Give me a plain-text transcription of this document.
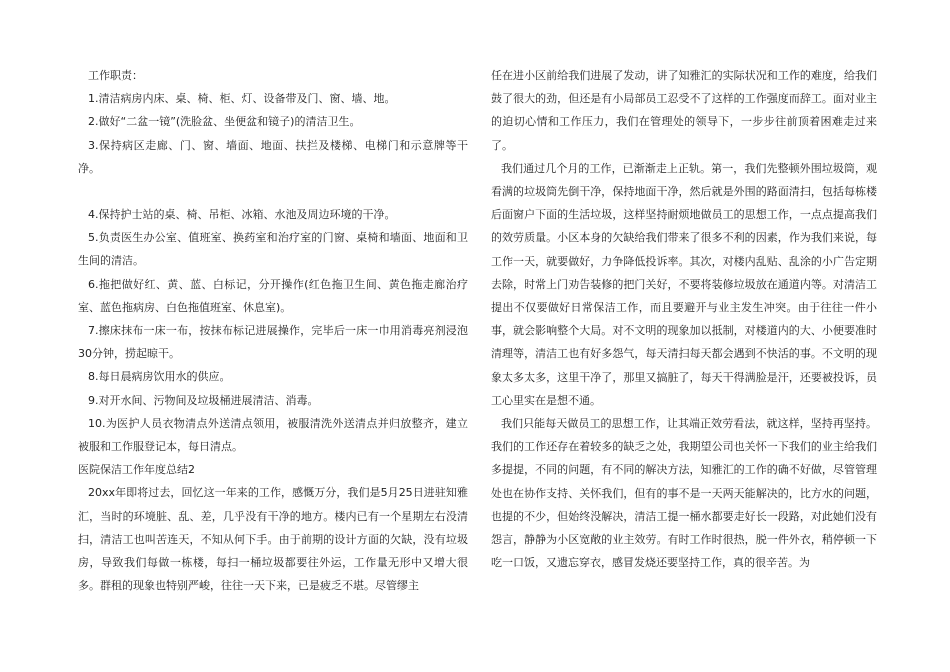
工作职责：

1.清洁病房内床、桌、椅、柜、灯、设备带及门、窗、墙、地。

2.做好“二盆一镜”(洗脸盆、坐便盆和镜子)的清洁卫生。

3.保持病区走廊、门、窗、墙面、地面、扶拦及楼梯、电梯门和示意牌等干净。

4.保持护士站的桌、椅、吊柜、冰箱、水池及周边环境的干净。

5.负责医生办公室、值班室、换药室和治疗室的门窗、桌椅和墙面、地面和卫生间的清洁。

6.拖把做好红、黄、蓝、白标记，分开操作(红色拖卫生间、黄色拖走廊治疗室、蓝色拖病房、白色拖值班室、休息室)。

7.擦床抹布一床一布，按抹布标记进展操作，完毕后一床一巾用消毒亮剂浸泡30分钟，捞起晾干。

8.每日晨病房饮用水的供应。

9.对开水间、污物间及垃圾桶进展清洁、消毒。

10.为医护人员衣物清点外送清点领用，被服清洗外送清点并归放整齐，建立被服和工作服登记本，每日清点。

医院保洁工作年度总结2

20xx年即将过去，回忆这一年来的工作，感慨万分，我们是5月25日进驻知雅汇，当时的环境脏、乱、差，几乎没有干净的地方。楼内已有一个星期左右没清扫，清洁工也叫苦连天，不知从何下手。由于前期的设计方面的欠缺，没有垃圾房，导致我们每做一栋楼，每扫一桶垃圾都要往外运，工作量无形中又增大很多。群租的现象也特别严峻，往往一天下来，已是疲乏不堪。尽管缪主

任在进小区前给我们进展了发动，讲了知雅汇的实际状况和工作的难度，给我们鼓了很大的劲，但还是有小局部员工忍受不了这样的工作强度而辞工。面对业主的迫切心情和工作压力，我们在管理处的领导下，一步步往前顶着困难走过来了。

我们通过几个月的工作，已渐渐走上正轨。第一，我们先整顿外围垃圾筒，观看满的垃圾筒先倒干净，保持地面干净，然后就是外围的路面清扫，包括每栋楼后面窗户下面的生活垃圾，这样坚持耐烦地做员工的思想工作，一点点提高我们的效劳质量。小区本身的欠缺给我们带来了很多不利的因素，作为我们来说，每工作一天，就要做好，力争降低投诉率。其次，对楼内乱贴、乱涂的小广告定期去除，时常上门劝告装修的把门关好，不要将装修垃圾放在通道内等。对清洁工提出不仅要做好日常保洁工作，而且要避开与业主发生冲突。由于往往一件小事，就会影响整个大局。对不文明的现象加以抵制，对楼道内的大、小便要准时清理等，清洁工也有好多怨气，每天清扫每天都会遇到不快活的事。不文明的现象太多太多，这里干净了，那里又搞脏了，每天干得满脸是汗，还要被投诉，员工心里实在是想不通。

我们只能每天做员工的思想工作，让其端正效劳看法，就这样，坚持再坚持。我们的工作还存在着较多的缺乏之处，我期望公司也关怀一下我们的业主给我们多提提，不同的问题，有不同的解决方法，知雅汇的工作的确不好做，尽管管理处也在协作支持、关怀我们，但有的事不是一天两天能解决的，比方水的问题，也提的不少，但始终没解决，清洁工提一桶水都要走好长一段路，对此她们没有怨言，静静为小区宽敞的业主效劳。有时工作时很热，脱一件外衣，稍停顿一下吃一口饭，又遗忘穿衣，感冒发烧还要坚持工作，真的很辛苦。为
